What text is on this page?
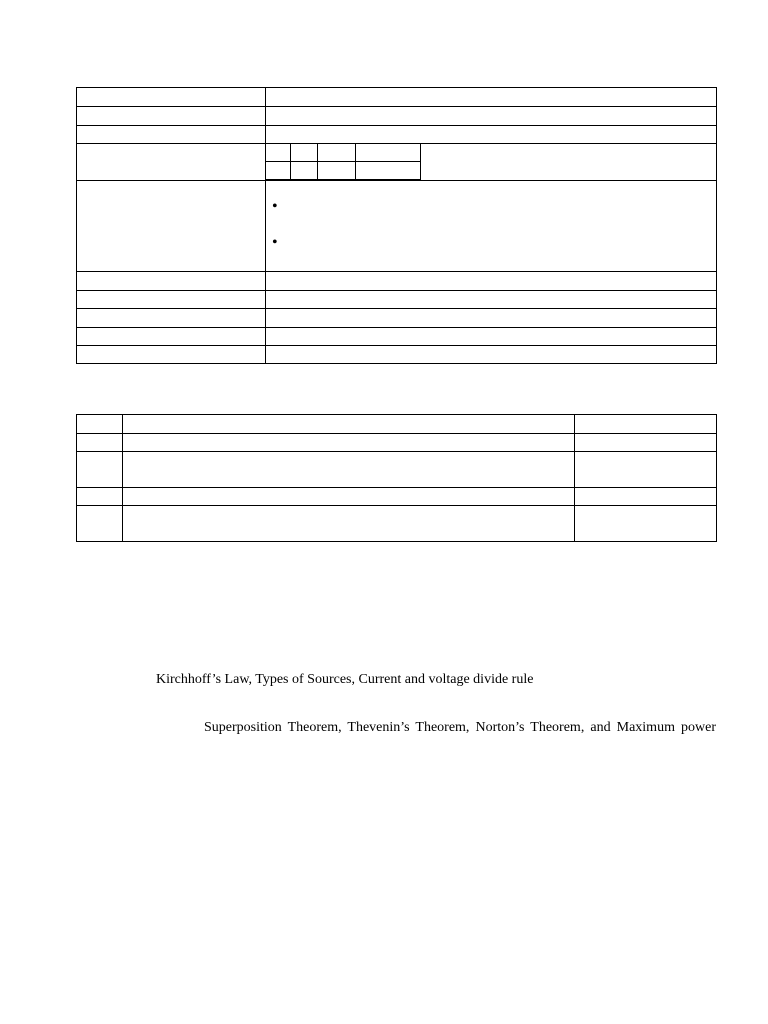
•
•

Kirchhoff’s Law, Types of Sources, Current and voltage divide rule
Superposition Theorem, Thevenin’s Theorem, Norton’s Theorem, and Maximum power
